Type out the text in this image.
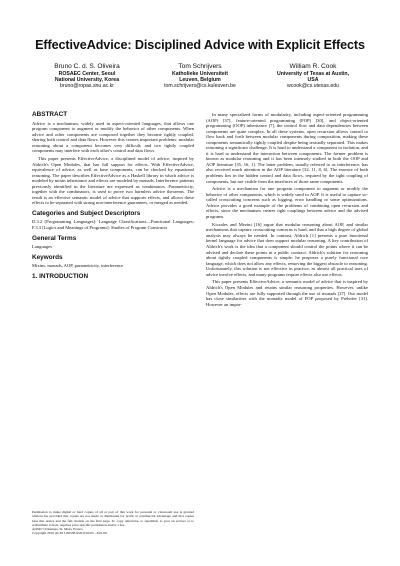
EffectiveAdvice: Disciplined Advice with Explicit Effects
Bruno C. d. S. Oliveira
ROSAEC Center, Seoul
National University, Korea
bruno@ropas.snu.ac.kr
Tom Schrijvers
Katholieke Universiteit
Leuven, Belgium
tom.schrijvers@cs.kuleuven.be
William R. Cook
University of Texas at Austin,
USA
wcook@cs.utexas.edu
ABSTRACT

Advice is a mechanism, widely used in aspect-oriented languages, that allows one program component to augment or modify the behavior of other components. When advice and other components are composed together they become tightly coupled, sharing both control and data flows. However this creates important problems: modular reasoning about a component becomes very difficult; and two tightly coupled components may interfere with each other's control and data flows.

This paper presents EffectiveAdvice, a disciplined model of advice, inspired by Aldrich's Open Modules, that has full support for effects. With EffectiveAdvice, equivalence of advice, as well as base components, can be checked by equational reasoning. The paper describes EffectiveAdvice as a Haskell library in which advice is modeled by mixin inheritance and effects are modeled by monads. Interference patterns previously identified in the literature are expressed as combinators. Parametricity, together with the combinators, is used to prove two harmless advice theorems. The result is an effective semantic model of advice that supports effects, and allows these effects to be separated with strong non-interference guarantees, or merged as needed.

Categories and Subject Descriptors

D.3.2 [Programming Languages]: Language Classifications—Functional Languages; F.3.3 [Logics and Meanings of Programs]: Studies of Program Constructs

General Terms

Languages

Keywords

Mixins, monads, AOP, parametricity, interference

1. INTRODUCTION
Permission to make digital or hard copies of all or part of this work for personal or classroom use is granted without fee provided that copies are not made or distributed for profit or commercial advantage and that copies bear this notice and the full citation on the first page. To copy otherwise, to republish, to post on servers or to redistribute to lists, requires prior specific permission and/or a fee.
AOSD '10 Rennes, St. Malo, France
Copyright 2010 ACM 1-60558-958-9/10/03 ...$10.00.

In many specialized forms of modularity, including aspect-oriented programming (AOP) [37], feature-oriented programming (FOP) [30], and object-oriented programming (OOP) inheritance [7], the control flow and data dependencies between components are quite complex. In all these systems, open recursion allows control to flow back and forth between modular components during composition, making these components semantically tightly coupled despite being textually separated. This makes reasoning a significant challenge. It is hard to understand a component in isolation, and it is hard to understand the interaction between components. The former problem is known as modular reasoning and it has been intensely studied in both the OOP and AOP literature [35, 16, 1]. The latter problem, usually referred to as interference, has also received much attention in the AOP literature [32, 11, 8, 6]. The essence of both problems lies in the hidden control and data flows, required by the tight coupling of components, but not visible from the interfaces of those same components.

Advice is a mechanism for one program component to augment or modify the behavior of other components, which is widely used in AOP. It is useful to capture so-called crosscutting concerns such as logging, error handling or some optimizations. Advice provides a good example of the problems of combining open recursion and effects, since the mechanism creates tight couplings between advice and the advised programs.

Kiczales and Mezini [16] argue that modular reasoning about AOP, and similar mechanisms that capture crosscutting concerns is hard, and that a high degree of global analysis may always be needed. In contrast, Aldrich [1] presents a pure functional kernel language for advice that does support modular reasoning. A key contribution of Aldrich's work is the idea that a component should control the points where it can be advised and declare these points in a public contract. Aldrich's solution for reasoning about tightly coupled components is simple: he proposes a purely functional core language, which does not allow any effects, removing the biggest obstacle to reasoning. Unfortunately, this solution is not effective in practice, as almost all practical uses of advice involve effects, and many programs require effects also use effects.

This paper presents EffectiveAdvice, a semantic model of advice that is inspired by Aldrich's Open Modules and retains similar reasoning properties. However, unlike Open Modules, effects are fully supported through the use of monads [27]. Our model has close similarities with the monadic model of FOP proposed by Prehofer [31]. However an impor-
